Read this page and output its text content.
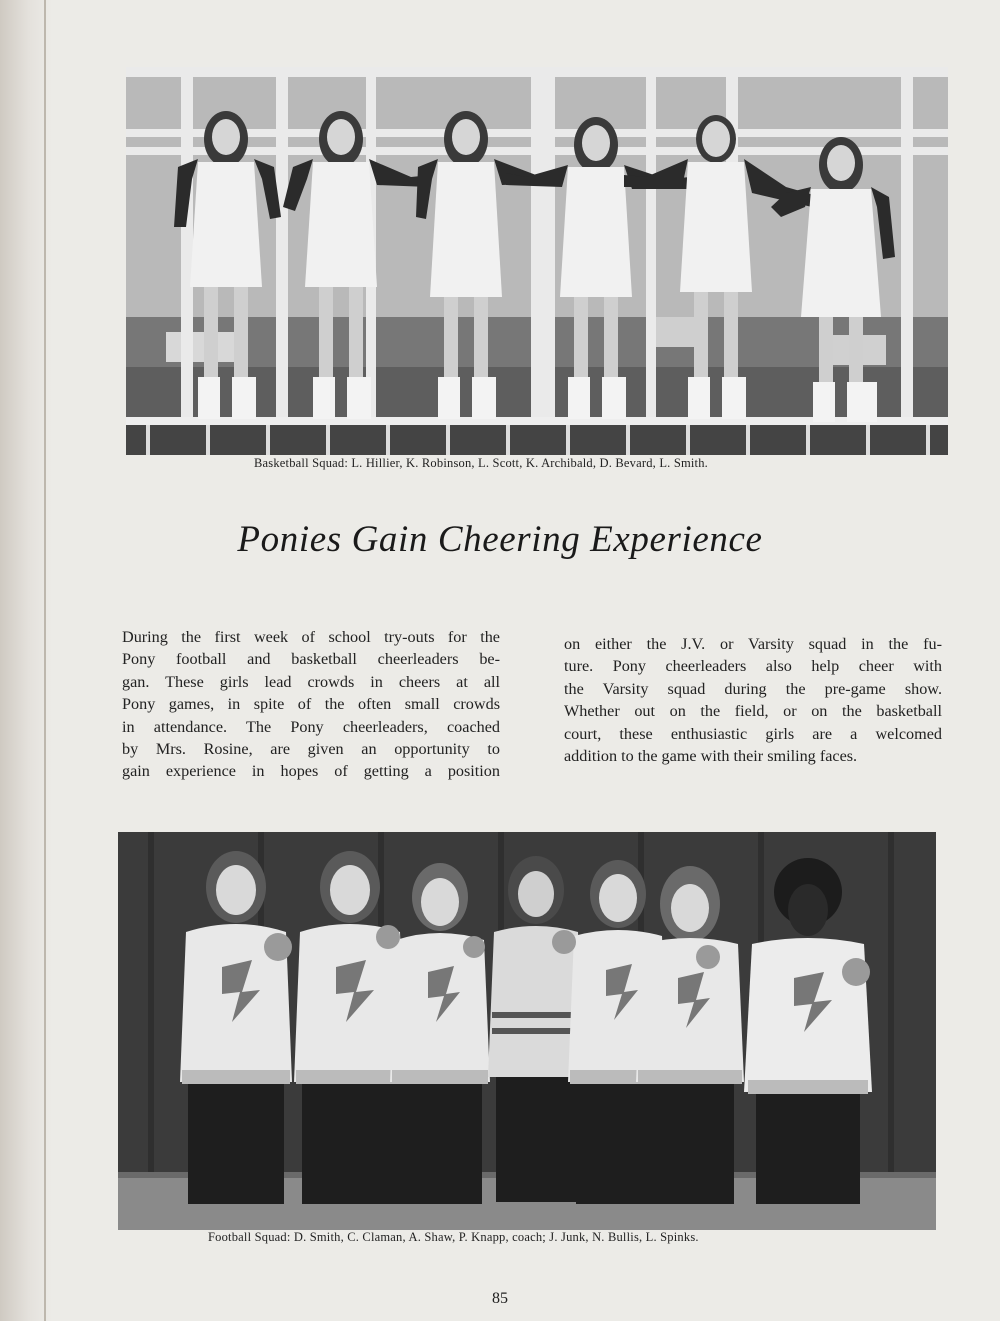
Basketball Squad: L. Hillier, K. Robinson, L. Scott, K. Archibald, D. Bevard, L. Smith.
Ponies Gain Cheering Experience
During the first week of school try-outs for the
Pony football and basketball cheerleaders be-
gan. These girls lead crowds in cheers at all
Pony games, in spite of the often small crowds
in attendance. The Pony cheerleaders, coached
by Mrs. Rosine, are given an opportunity to
gain experience in hopes of getting a position
on either the J.V. or Varsity squad in the fu-
ture. Pony cheerleaders also help cheer with
the Varsity squad during the pre-game show.
Whether out on the field, or on the basketball
court, these enthusiastic girls are a welcomed
addition to the game with their smiling faces.
Football Squad: D. Smith, C. Claman, A. Shaw, P. Knapp, coach; J. Junk, N. Bullis, L. Spinks.
85
